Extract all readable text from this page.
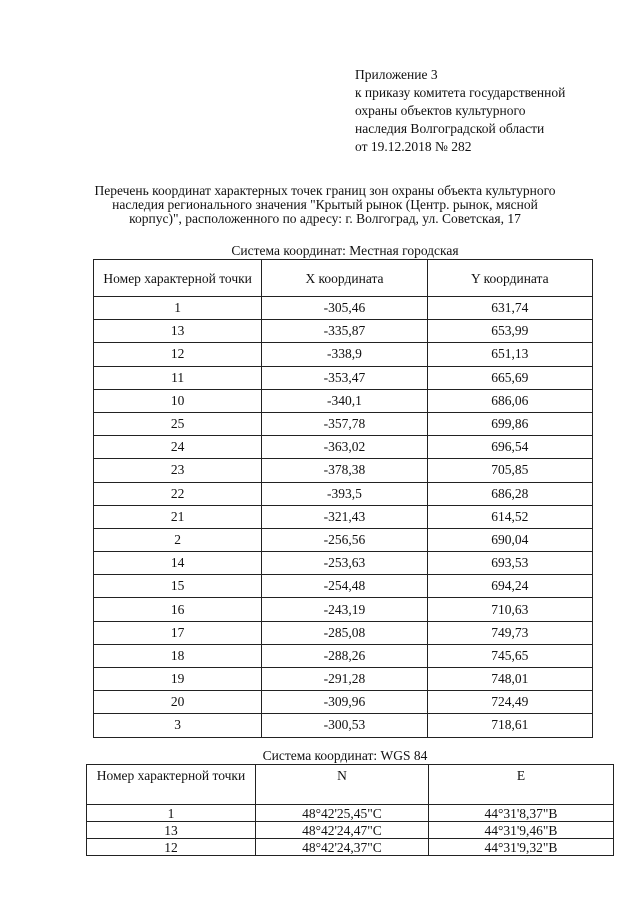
Приложение 3
к приказу комитета государственной
охраны объектов культурного
наследия Волгоградской области
от 19.12.2018 № 282
Перечень координат характерных точек границ зон охраны объекта культурного
наследия регионального значения "Крытый рынок (Центр. рынок, мясной
корпус)", расположенного по адресу: г. Волгоград, ул. Советская, 17
Система координат: Местная городская
Номер характерной точки	X координата	Y координата
1	-305,46	631,74
13	-335,87	653,99
12	-338,9	651,13
11	-353,47	665,69
10	-340,1	686,06
25	-357,78	699,86
24	-363,02	696,54
23	-378,38	705,85
22	-393,5	686,28
21	-321,43	614,52
2	-256,56	690,04
14	-253,63	693,53
15	-254,48	694,24
16	-243,19	710,63
17	-285,08	749,73
18	-288,26	745,65
19	-291,28	748,01
20	-309,96	724,49
3	-300,53	718,61
Система координат: WGS 84
Номер характерной точки	N	E
1	48°42'25,45"С	44°31'8,37"В
13	48°42'24,47"С	44°31'9,46"В
12	48°42'24,37"С	44°31'9,32"В
